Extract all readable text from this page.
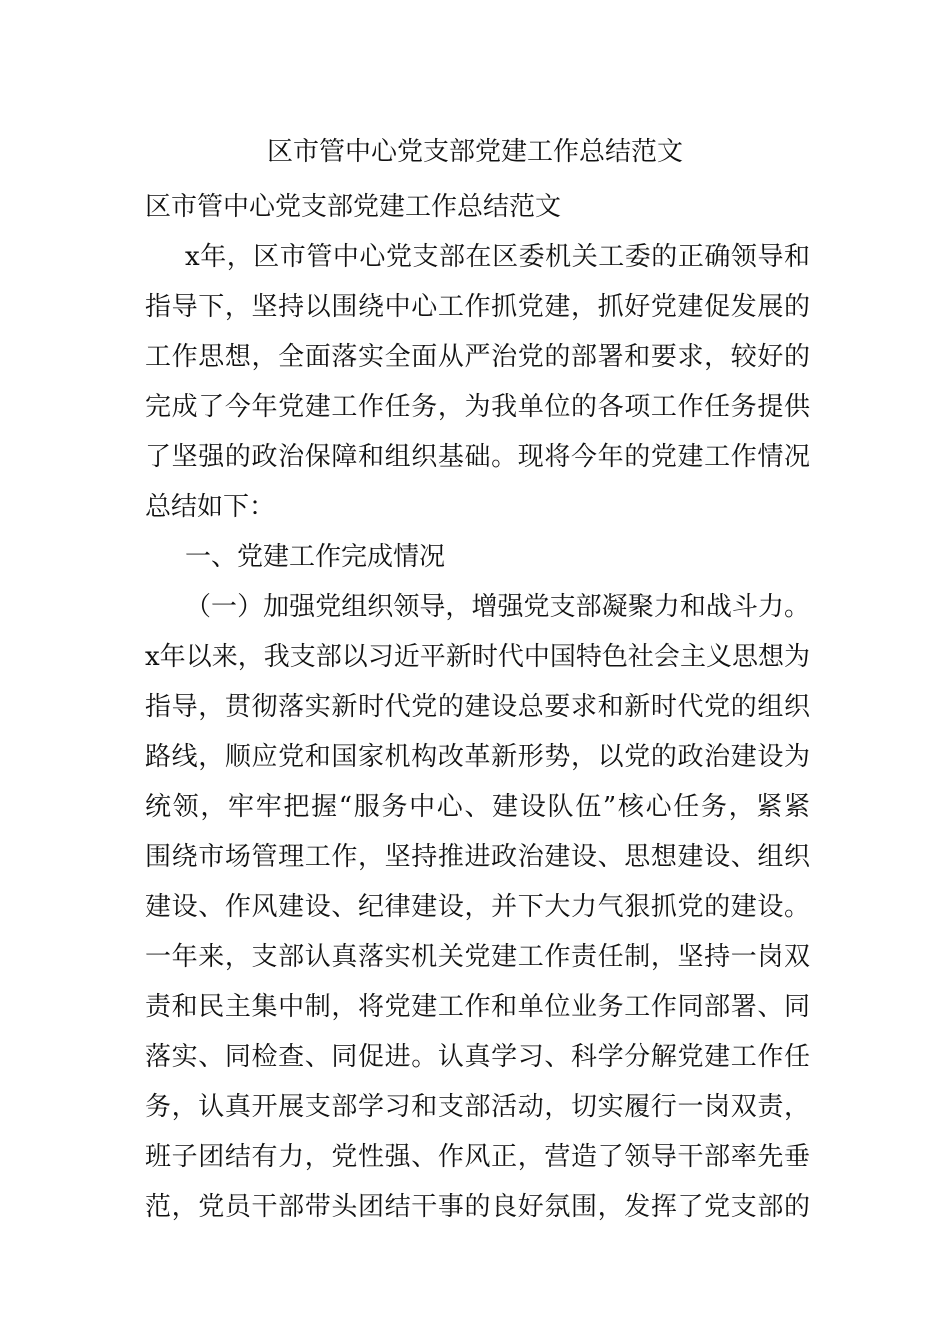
区市管中心党支部党建工作总结范文
区市管中心党支部党建工作总结范文
x年，区市管中心党支部在区委机关工委的正确领导和
指导下，坚持以围绕中心工作抓党建，抓好党建促发展的
工作思想，全面落实全面从严治党的部署和要求，较好的
完成了今年党建工作任务，为我单位的各项工作任务提供
了坚强的政治保障和组织基础。现将今年的党建工作情况
总结如下：
一、党建工作完成情况
（一）加强党组织领导，增强党支部凝聚力和战斗力。
x年以来，我支部以习近平新时代中国特色社会主义思想为
指导，贯彻落实新时代党的建设总要求和新时代党的组织
路线，顺应党和国家机构改革新形势，以党的政治建设为
统领，牢牢把握“服务中心、建设队伍”核心任务，紧紧
围绕市场管理工作，坚持推进政治建设、思想建设、组织
建设、作风建设、纪律建设，并下大力气狠抓党的建设。
一年来，支部认真落实机关党建工作责任制，坚持一岗双
责和民主集中制，将党建工作和单位业务工作同部署、同
落实、同检查、同促进。认真学习、科学分解党建工作任
务，认真开展支部学习和支部活动，切实履行一岗双责，
班子团结有力，党性强、作风正，营造了领导干部率先垂
范，党员干部带头团结干事的良好氛围，发挥了党支部的
